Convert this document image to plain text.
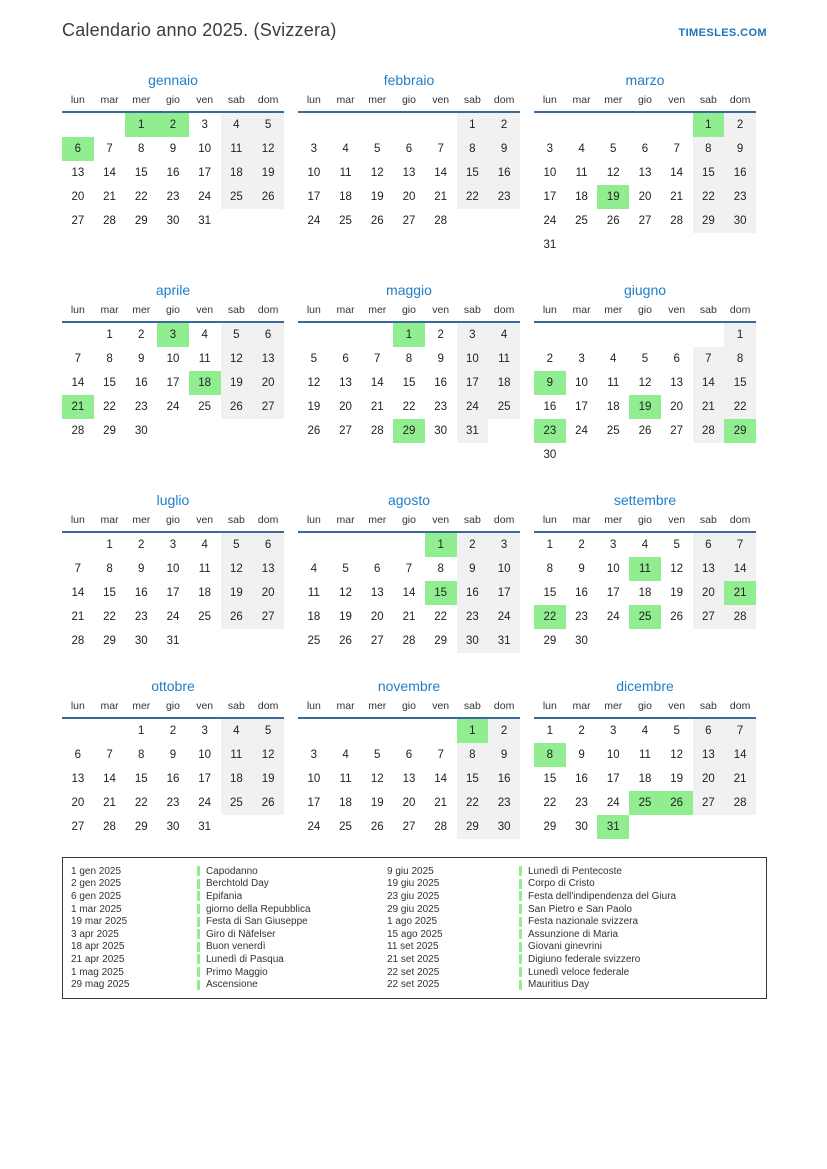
Calendario anno 2025. (Svizzera)	TIMESLES.COM
gennaio
lun	mar	mer	gio	ven	sab	dom
		1	2	3	4	5
6	7	8	9	10	11	12
13	14	15	16	17	18	19
20	21	22	23	24	25	26
27	28	29	30	31		
febbraio
lun	mar	mer	gio	ven	sab	dom
					1	2
3	4	5	6	7	8	9
10	11	12	13	14	15	16
17	18	19	20	21	22	23
24	25	26	27	28		
marzo
lun	mar	mer	gio	ven	sab	dom
					1	2
3	4	5	6	7	8	9
10	11	12	13	14	15	16
17	18	19	20	21	22	23
24	25	26	27	28	29	30
31						
aprile
lun	mar	mer	gio	ven	sab	dom
	1	2	3	4	5	6
7	8	9	10	11	12	13
14	15	16	17	18	19	20
21	22	23	24	25	26	27
28	29	30				
maggio
lun	mar	mer	gio	ven	sab	dom
			1	2	3	4
5	6	7	8	9	10	11
12	13	14	15	16	17	18
19	20	21	22	23	24	25
26	27	28	29	30	31	
giugno
lun	mar	mer	gio	ven	sab	dom
						1
2	3	4	5	6	7	8
9	10	11	12	13	14	15
16	17	18	19	20	21	22
23	24	25	26	27	28	29
30						
luglio
lun	mar	mer	gio	ven	sab	dom
	1	2	3	4	5	6
7	8	9	10	11	12	13
14	15	16	17	18	19	20
21	22	23	24	25	26	27
28	29	30	31			
agosto
lun	mar	mer	gio	ven	sab	dom
				1	2	3
4	5	6	7	8	9	10
11	12	13	14	15	16	17
18	19	20	21	22	23	24
25	26	27	28	29	30	31
settembre
lun	mar	mer	gio	ven	sab	dom
1	2	3	4	5	6	7
8	9	10	11	12	13	14
15	16	17	18	19	20	21
22	23	24	25	26	27	28
29	30					
ottobre
lun	mar	mer	gio	ven	sab	dom
		1	2	3	4	5
6	7	8	9	10	11	12
13	14	15	16	17	18	19
20	21	22	23	24	25	26
27	28	29	30	31		
novembre
lun	mar	mer	gio	ven	sab	dom
					1	2
3	4	5	6	7	8	9
10	11	12	13	14	15	16
17	18	19	20	21	22	23
24	25	26	27	28	29	30
dicembre
lun	mar	mer	gio	ven	sab	dom
1	2	3	4	5	6	7
8	9	10	11	12	13	14
15	16	17	18	19	20	21
22	23	24	25	26	27	28
29	30	31				
1 gen 2025	Capodanno
2 gen 2025	Berchtold Day
6 gen 2025	Epifania
1 mar 2025	giorno della Repubblica
19 mar 2025	Festa di San Giuseppe
3 apr 2025	Giro di Näfelser
18 apr 2025	Buon venerdì
21 apr 2025	Lunedì di Pasqua
1 mag 2025	Primo Maggio
29 mag 2025	Ascensione
9 giu 2025	Lunedì di Pentecoste
19 giu 2025	Corpo di Cristo
23 giu 2025	Festa dell'indipendenza del Giura
29 giu 2025	San Pietro e San Paolo
1 ago 2025	Festa nazionale svizzera
15 ago 2025	Assunzione di Maria
11 set 2025	Giovani ginevrini
21 set 2025	Digiuno federale svizzero
22 set 2025	Lunedì veloce federale
22 set 2025	Mauritius Day
